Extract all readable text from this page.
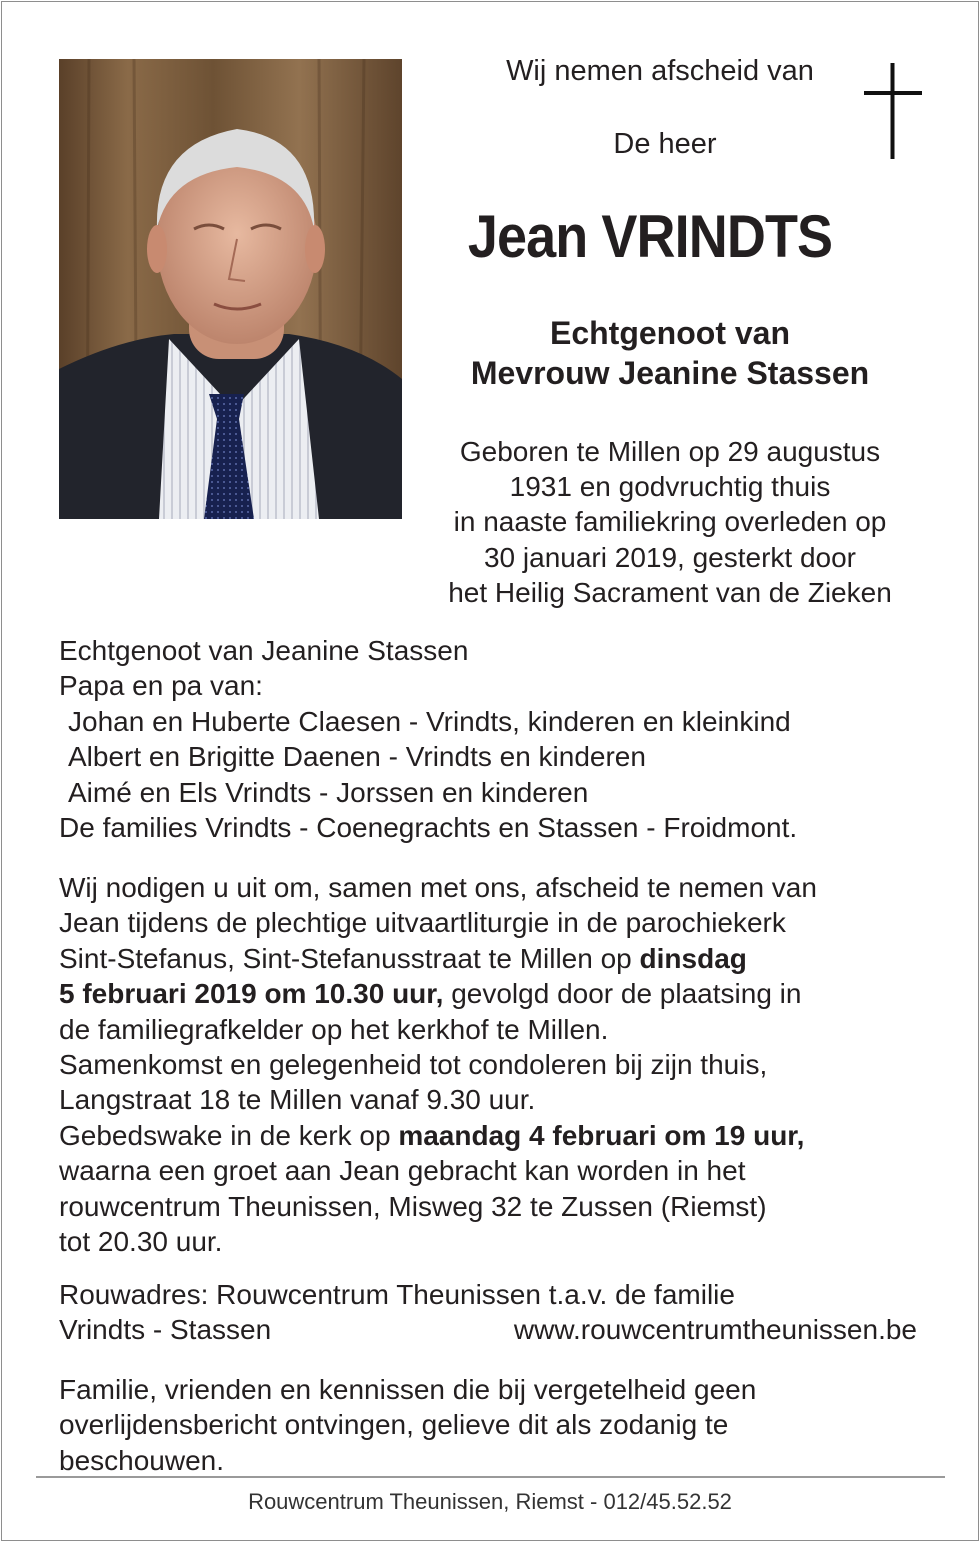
Wij nemen afscheid van
De heer
Jean VRINDTS
Echtgenoot van
Mevrouw Jeanine Stassen
Geboren te Millen op 29 augustus
1931 en godvruchtig thuis
in naaste familiekring overleden op
30 januari 2019, gesterkt door
het Heilig Sacrament van de Zieken
Echtgenoot van Jeanine Stassen
Papa en pa van:
Johan en Huberte Claesen - Vrindts, kinderen en kleinkind
Albert en Brigitte Daenen - Vrindts en kinderen
Aimé en Els Vrindts - Jorssen en kinderen
De families Vrindts - Coenegrachts en Stassen - Froidmont.
Wij nodigen u uit om, samen met ons, afscheid te nemen van
Jean tijdens de plechtige uitvaartliturgie in de parochiekerk
Sint-Stefanus, Sint-Stefanusstraat te Millen op dinsdag
5 februari 2019 om 10.30 uur, gevolgd door de plaatsing in
de familiegrafkelder op het kerkhof te Millen.
Samenkomst en gelegenheid tot condoleren bij zijn thuis,
Langstraat 18 te Millen vanaf 9.30 uur.
Gebedswake in de kerk op maandag 4 februari om 19 uur,
waarna een groet aan Jean gebracht kan worden in het
rouwcentrum Theunissen, Misweg 32 te Zussen (Riemst)
tot 20.30 uur.
Rouwadres: Rouwcentrum Theunissen t.a.v. de familie
Vrindts - Stassen	www.rouwcentrumtheunissen.be
Familie, vrienden en kennissen die bij vergetelheid geen
overlijdensbericht ontvingen, gelieve dit als zodanig te
beschouwen.
Rouwcentrum Theunissen, Riemst - 012/45.52.52
